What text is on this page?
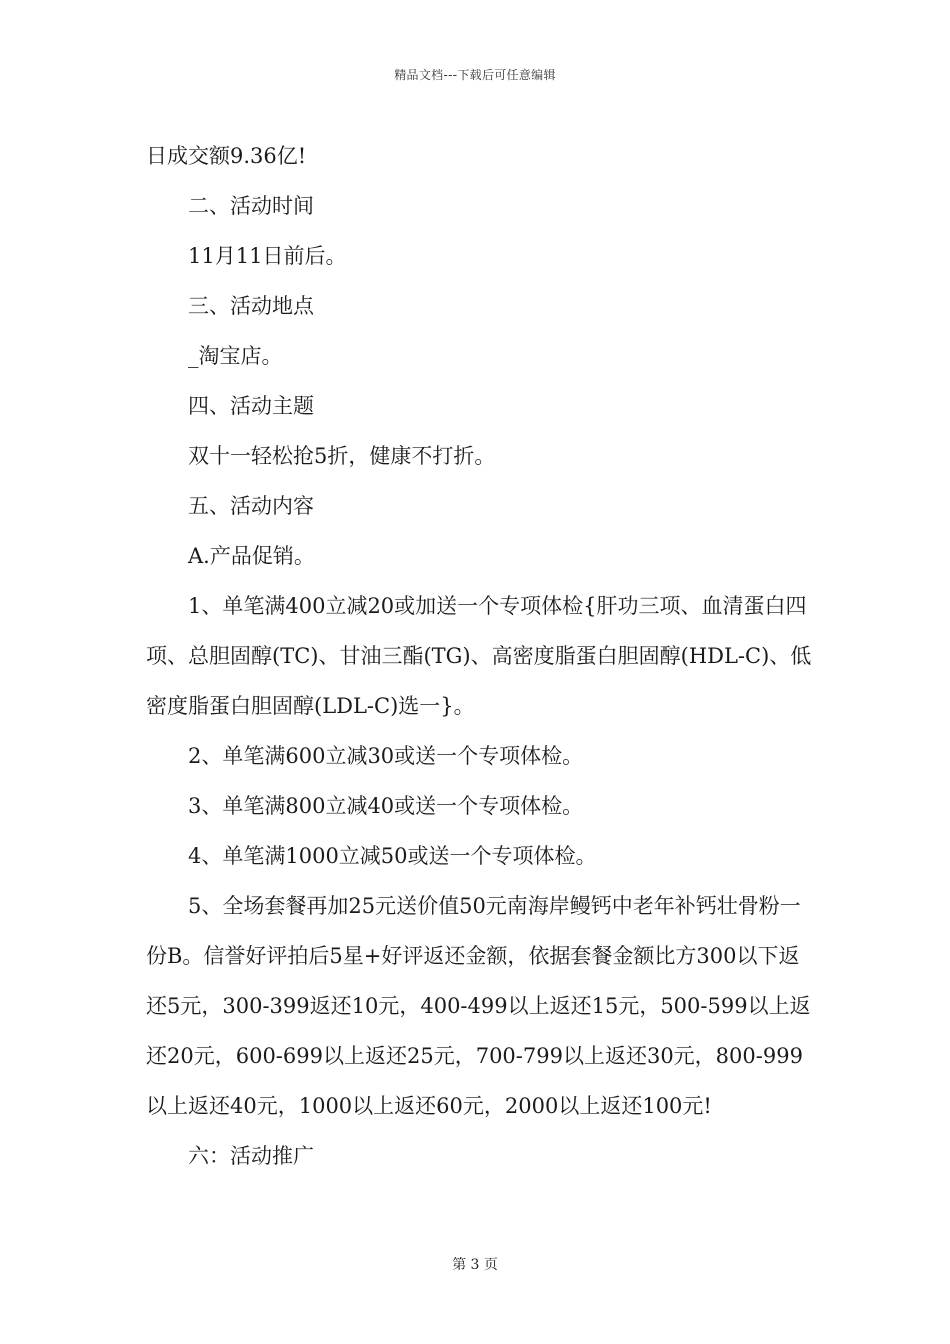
精品文档---下载后可任意编辑

日成交额9.36亿!

二、活动时间

11月11日前后。

三、活动地点

_淘宝店。

四、活动主题

双十一轻松抢5折，健康不打折。

五、活动内容

A.产品促销。

1、单笔满400立减20或加送一个专项体检{肝功三项、血清蛋白四项、总胆固醇(TC)、甘油三酯(TG)、高密度脂蛋白胆固醇(HDL-C)、低密度脂蛋白胆固醇(LDL-C)选一}。

2、单笔满600立减30或送一个专项体检。

3、单笔满800立减40或送一个专项体检。

4、单笔满1000立减50或送一个专项体检。

5、全场套餐再加25元送价值50元南海岸鳗钙中老年补钙壮骨粉一份B。信誉好评拍后5星+好评返还金额，依据套餐金额比方300以下返还5元，300-399返还10元，400-499以上返还15元，500-599以上返还20元，600-699以上返还25元，700-799以上返还30元，800-999以上返还40元，1000以上返还60元，2000以上返还100元!

六：活动推广

第 3 页
